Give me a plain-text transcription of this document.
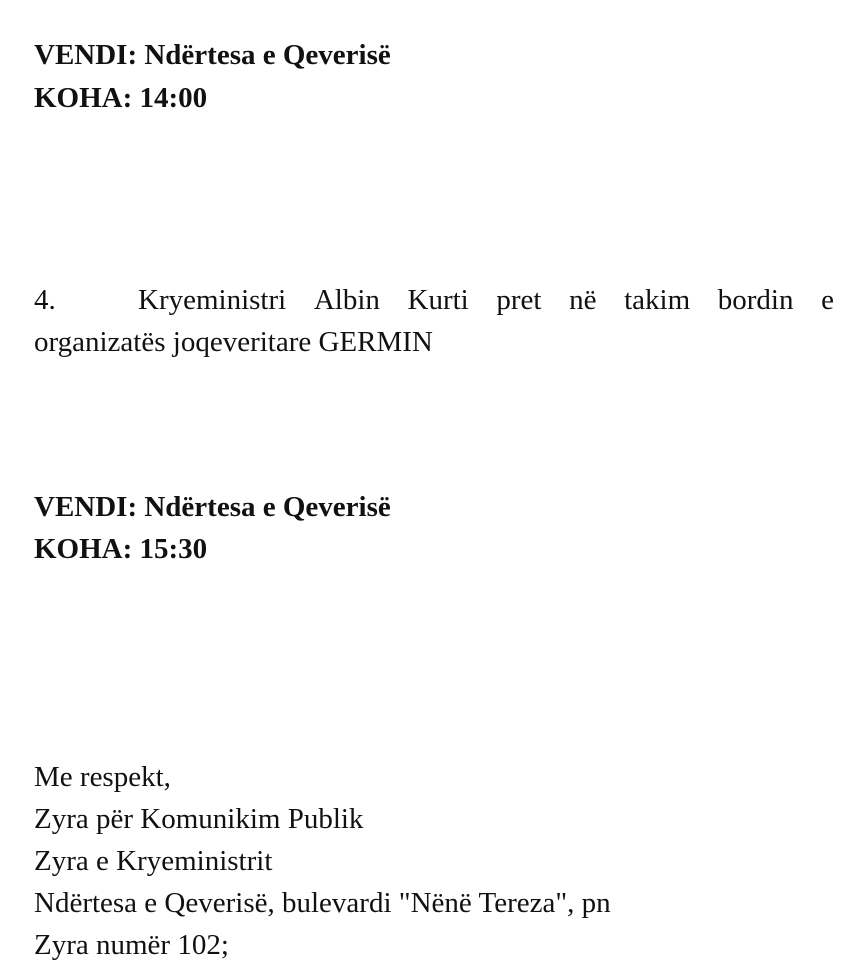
VENDI: Ndërtesa e Qeverisë
KOHA: 14:00
4.	Kryeministri Albin Kurti pret në takim bordin e
organizatës joqeveritare GERMIN
VENDI: Ndërtesa e Qeverisë
KOHA: 15:30
Me respekt,
Zyra për Komunikim Publik
Zyra e Kryeministrit
Ndërtesa e Qeverisë, bulevardi "Nënë Tereza", pn
Zyra numër 102;
